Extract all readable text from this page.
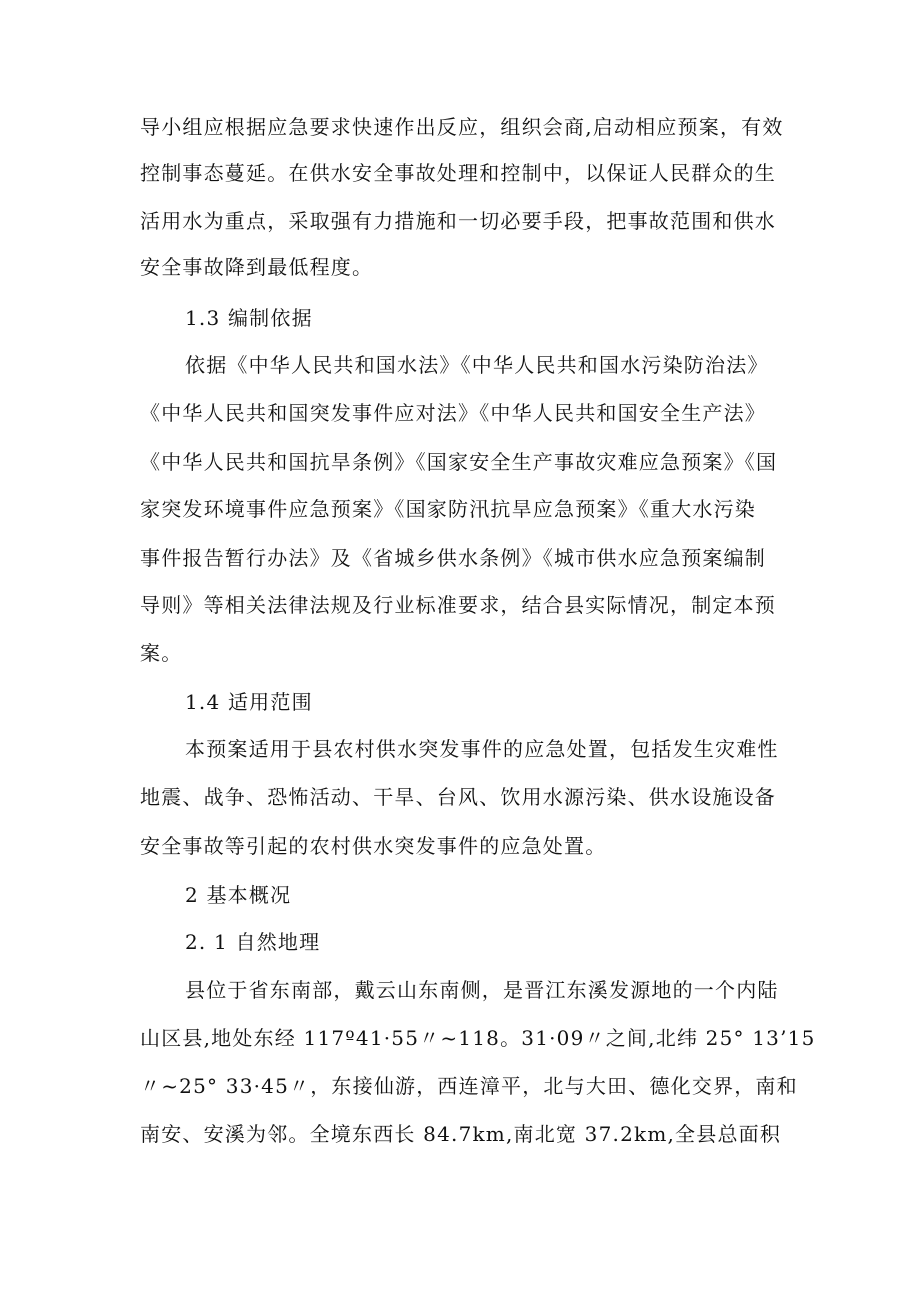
导小组应根据应急要求快速作出反应，组织会商,启动相应预案，有效
控制事态蔓延。在供水安全事故处理和控制中，以保证人民群众的生
活用水为重点，采取强有力措施和一切必要手段，把事故范围和供水
安全事故降到最低程度。
1.3 编制依据
依据《中华人民共和国水法》《中华人民共和国水污染防治法》
《中华人民共和国突发事件应对法》《中华人民共和国安全生产法》
《中华人民共和国抗旱条例》《国家安全生产事故灾难应急预案》《国
家突发环境事件应急预案》《国家防汛抗旱应急预案》《重大水污染
事件报告暂行办法》及《省城乡供水条例》《城市供水应急预案编制
导则》等相关法律法规及行业标准要求，结合县实际情况，制定本预
案。
1.4 适用范围
本预案适用于县农村供水突发事件的应急处置，包括发生灾难性
地震、战争、恐怖活动、干旱、台风、饮用水源污染、供水设施设备
安全事故等引起的农村供水突发事件的应急处置。
2 基本概况
2. 1 自然地理
县位于省东南部，戴云山东南侧，是晋江东溪发源地的一个内陆
山区县,地处东经 117º41·55〃~118。31·09〃之间,北纬 25° 13’15
〃~25° 33·45〃，东接仙游，西连漳平，北与大田、德化交界，南和
南安、安溪为邻。全境东西长 84.7km,南北宽 37.2km,全县总面积
